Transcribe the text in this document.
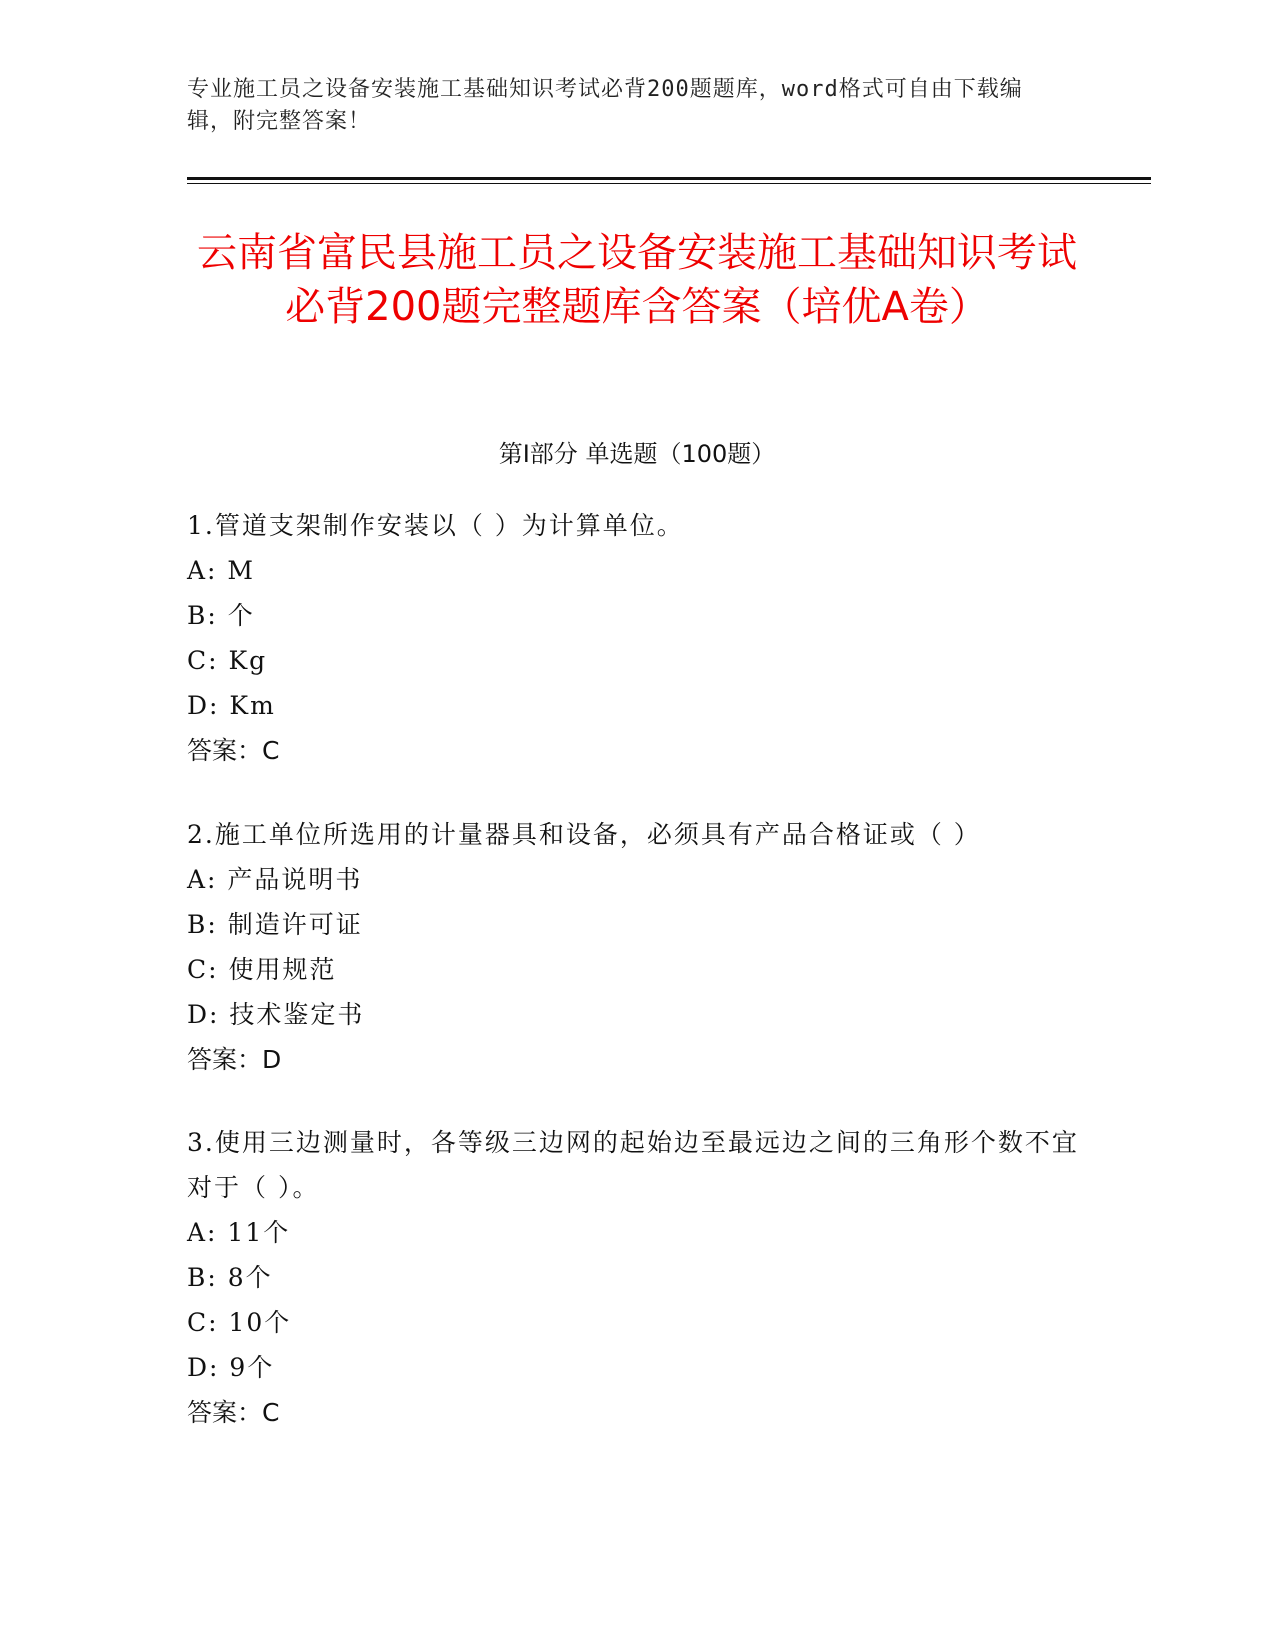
专业施工员之设备安装施工基础知识考试必背200题题库，word格式可自由下载编辑，附完整答案！
云南省富民县施工员之设备安装施工基础知识考试必背200题完整题库含答案（培优A卷）
第Ⅰ部分 单选题（100题）

1.管道支架制作安装以（ ）为计算单位。

A: M

B: 个

C: Kg

D: Km

答案：C

2.施工单位所选用的计量器具和设备，必须具有产品合格证或（ ）

A: 产品说明书

B: 制造许可证

C: 使用规范

D: 技术鉴定书

答案：D

3.使用三边测量时，各等级三边网的起始边至最远边之间的三角形个数不宜对于（ ）。

A: 11个

B: 8个

C: 10个

D: 9个

答案：C
